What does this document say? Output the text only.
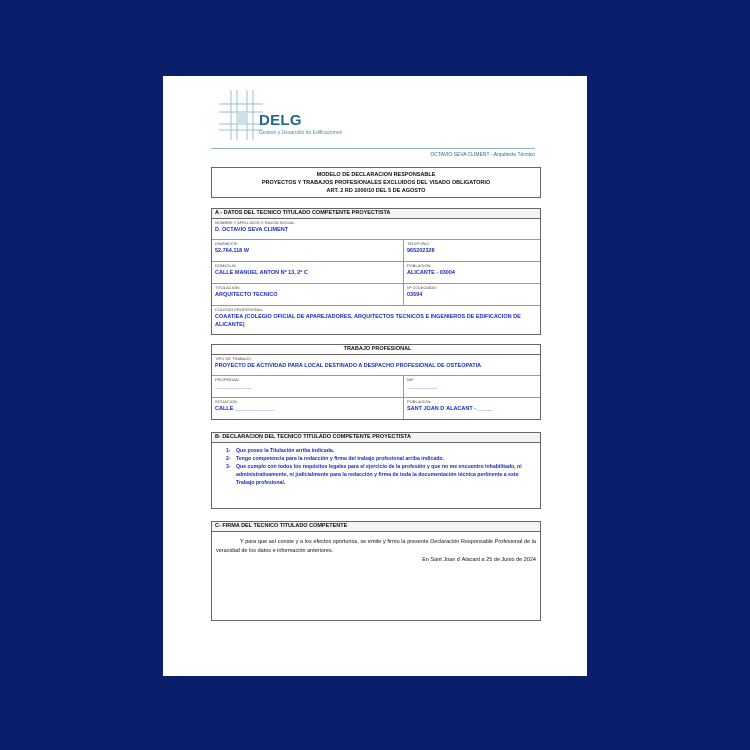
DELG
Gestion y Desarrollo de Edificaciones
OCTAVIO SEVA CLIMENT - Arquitecto Técnico
MODELO DE DECLARACION RESPONSABLE
PROYECTOS Y TRABAJOS PROFESIONALES EXCLUIDOS DEL VISADO OBLIGATORIO
ART. 2 RD 1000/10 DEL 5 DE AGOSTO
A - DATOS DEL TECNICO TITULADO COMPETENTE PROYECTISTA
NOMBRE Y APELLIDOS O RAZON SOCIAL:
D. OCTAVIO SEVA CLIMENT
DNI/NIE/CIF:
52.764.118 W
TELEFONO:
965202328
DOMICILIO
CALLE MANUEL ANTON Nº 13, 2º C
POBLACION:
ALICANTE - 03004
TITULACION:
ARQUITECTO TECNICO
Nº COLEGIADO
03594
COLEGIO PROFESIONAL
COAATIEA (COLEGIO OFICIAL DE APAREJADORES, ARQUITECTOS TECNICOS E INGENIEROS DE EDIFICACION DE ALICANTE)
TRABAJO PROFESIONAL
TIPO DE TRABAJO:
PROYECTO DE ACTIVIDAD PARA LOCAL DESTINADO A DESPACHO PROFESIONAL DE OSTEOPATIA
PROPIEDAD:
____________
NIF:
__________
SITUACION:
CALLE _____________
POBLACION:
SANT JOAN D´ALACANT - _____
B- DECLARACION DEL TECNICO TITULADO COMPETENTE PROYECTISTA
1- Que poseo la Titulación arriba indicada.
2- Tengo competencia para la redacción y firma del trabajo profesional arriba indicado.
3- Que cumplo con todos los requisitos legales para el ejercicio de la profesión y que no me encuentro inhabilitado, ni administrativamente, ni judicialmente para la redacción y firma de toda la documentación técnica pertinente a este Trabajo profesional.
C- FIRMA DEL TECNICO TITULADO COMPETENTE
Y para que así conste y a los efectos oportunos, se emite y firmo la presente Declaración Responsable Profesional de la veracidad de los datos e información anteriores.
En Sant Joan d´Alacant a 25 de Junio de 2024
